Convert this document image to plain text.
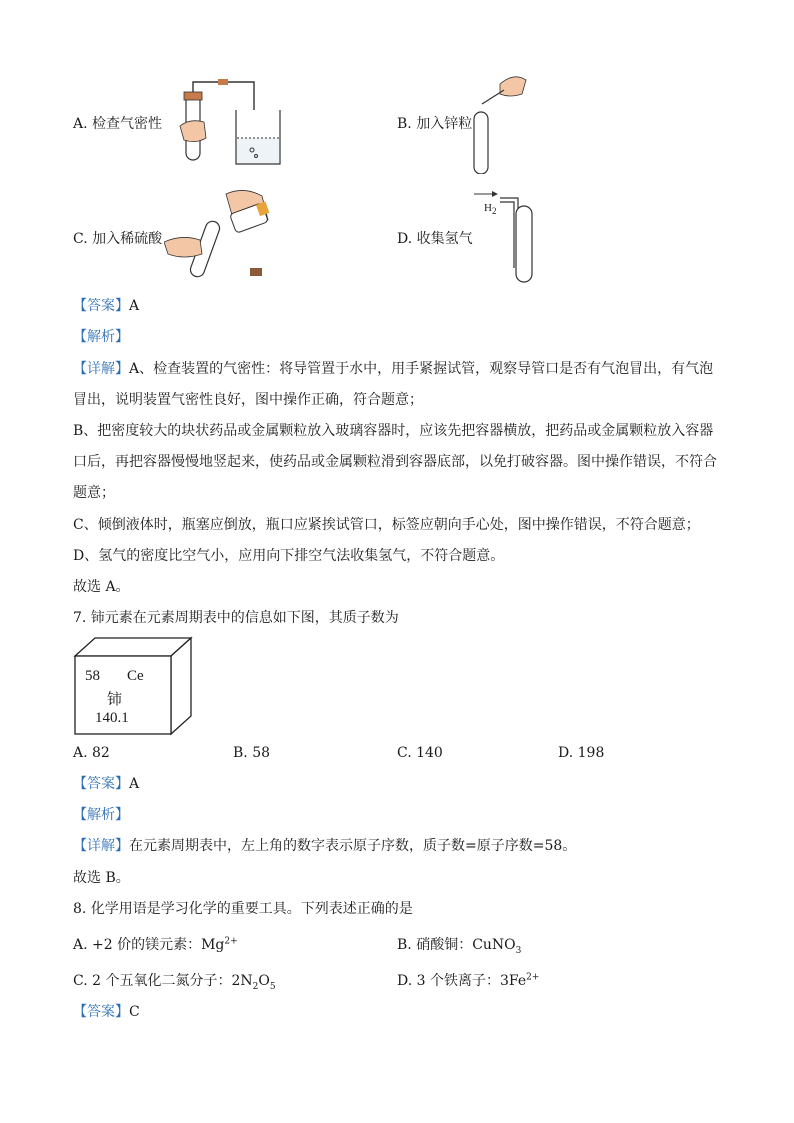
A. 检查气密性	B. 加入锌粒
C. 加入稀硫酸	D. 收集氢气
$H_2$
【答案】A
【解析】
【详解】A、检查装置的气密性：将导管置于水中，用手紧握试管，观察导管口是否有气泡冒出，有气泡
冒出，说明装置气密性良好，图中操作正确，符合题意；
B、把密度较大的块状药品或金属颗粒放入玻璃容器时，应该先把容器横放，把药品或金属颗粒放入容器
口后，再把容器慢慢地竖起来，使药品或金属颗粒滑到容器底部，以免打破容器。图中操作错误，不符合
题意；
C、倾倒液体时，瓶塞应倒放，瓶口应紧挨试管口，标签应朝向手心处，图中操作错误，不符合题意；
D、氢气的密度比空气小，应用向下排空气法收集氢气，不符合题意。
故选 A。
7. 铈元素在元素周期表中的信息如下图，其质子数为
58 Ce
铈
140.1
A. 82	B. 58	C. 140	D. 198
【答案】A
【解析】
【详解】在元素周期表中，左上角的数字表示原子序数，质子数=原子序数=58。
故选 B。
8. 化学用语是学习化学的重要工具。下列表述正确的是
A. +2 价的镁元素：$Mg^{2+}$	B. 硝酸铜：CuNO$_3$
C. 2 个五氧化二氮分子：$2N_2O_5$	D. 3 个铁离子：$3Fe^{2+}$
【答案】C
